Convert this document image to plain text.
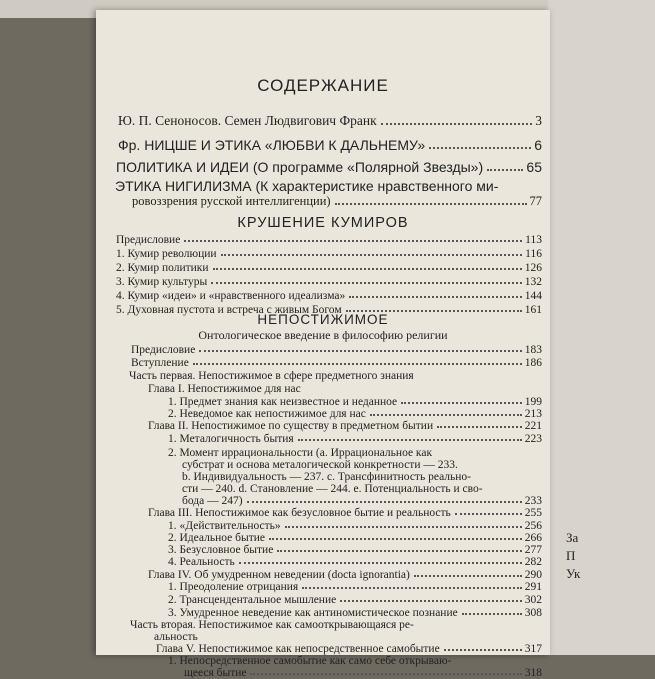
За
П
Ук
СОДЕРЖАНИЕ
Ю. П. Сеноносов. Семен Людвигович Франк	3
Фр. НИЦШЕ И ЭТИКА «ЛЮБВИ К ДАЛЬНЕМУ»	6
ПОЛИТИКА И ИДЕИ (О программе «Полярной Звезды»)	65
ЭТИКА НИГИЛИЗМА (К характеристике нравственного ми-
ровоззрения русской интеллигенции)	77
КРУШЕНИЕ КУМИРОВ
Предисловие	113
1. Кумир революции	116
2. Кумир политики	126
3. Кумир культуры	132
4. Кумир «идеи» и «нравственного идеализма»	144
5. Духовная пустота и встреча с живым Богом	161
НЕПОСТИЖИМОЕ
Онтологическое введение в философию религии
Предисловие	183
Вступление	186
Часть первая. Непостижимое в сфере предметного знания
Глава I. Непостижимое для нас
1. Предмет знания как неизвестное и неданное	199
2. Неведомое как непостижимое для нас	213
Глава II. Непостижимое по существу в предметном бытии	221
1. Металогичность бытия	223
2. Момент иррациональности (a. Иррациональное как
субстрат и основа металогической конкретности — 233.
b. Индивидуальность — 237. c. Трансфинитность реально-
сти — 240. d. Становление — 244. e. Потенциальность и сво-
бода — 247)	233
Глава III. Непостижимое как безусловное бытие и реальность	255
1. «Действительность»	256
2. Идеальное бытие	266
3. Безусловное бытие	277
4. Реальность	282
Глава IV. Об умудренном неведении (docta ignorantia)	290
1. Преодоление отрицания	291
2. Трансцендентальное мышление	302
3. Умудренное неведение как антиномистическое познание	308
Часть вторая. Непостижимое как самооткрывающаяся ре-
альность
Глава V. Непостижимое как непосредственное самобытие	317
1. Непосредственное самобытие как само себе открываю-
щееся бытие	318
